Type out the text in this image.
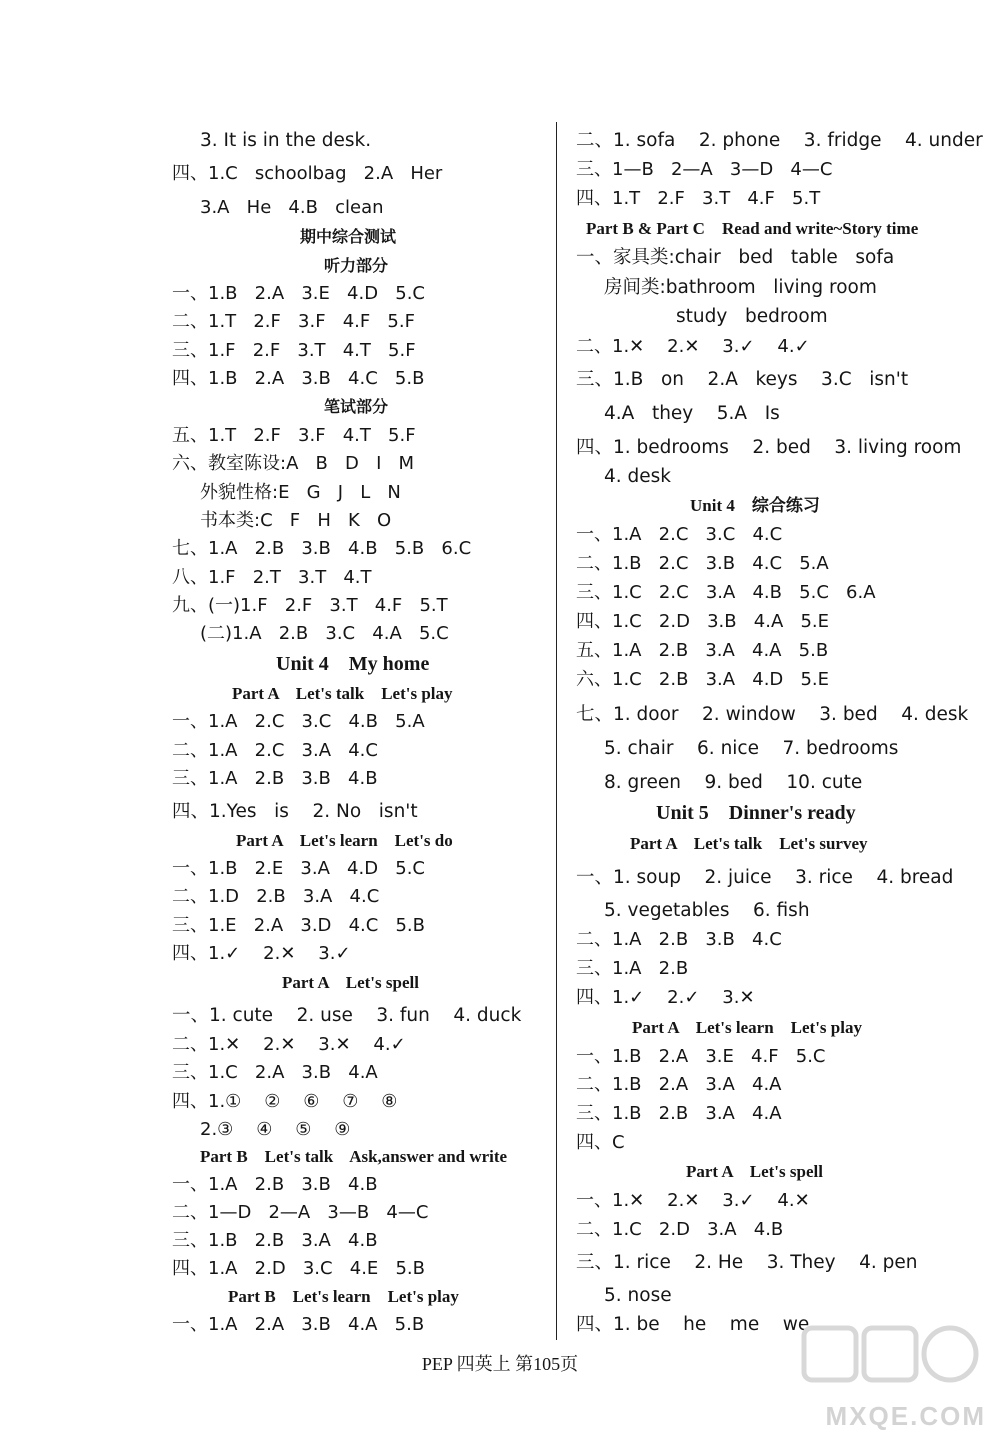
3. It is in the desk.
四、1.C   schoolbag   2.A   Her
3.A   He   4.B   clean
期中综合测试
听力部分
一、1.B   2.A   3.E   4.D   5.C
二、1.T   2.F   3.F   4.F   5.F
三、1.F   2.F   3.T   4.T   5.F
四、1.B   2.A   3.B   4.C   5.B
笔试部分
五、1.T   2.F   3.F   4.T   5.F
六、教室陈设:A   B   D   I   M
外貌性格:E   G   J   L   N
书本类:C   F   H   K   O
七、1.A   2.B   3.B   4.B   5.B   6.C
八、1.F   2.T   3.T   4.T
九、(一)1.F   2.F   3.T   4.F   5.T
(二)1.A   2.B   3.C   4.A   5.C
Unit 4    My home
Part A    Let's talk    Let's play
一、1.A   2.C   3.C   4.B   5.A
二、1.A   2.C   3.A   4.C
三、1.A   2.B   3.B   4.B
四、1.Yes   is    2. No   isn't
Part A    Let's learn    Let's do
一、1.B   2.E   3.A   4.D   5.C
二、1.D   2.B   3.A   4.C
三、1.E   2.A   3.D   4.C   5.B
四、1.✓    2.✕    3.✓
Part A    Let's spell
一、1. cute    2. use    3. fun    4. duck
二、1.✕    2.✕    3.✕    4.✓
三、1.C   2.A   3.B   4.A
四、1.①    ②    ⑥    ⑦    ⑧
2.③    ④    ⑤    ⑨
Part B    Let's talk    Ask,answer and write
一、1.A   2.B   3.B   4.B
二、1—D   2—A   3—B   4—C
三、1.B   2.B   3.A   4.B
四、1.A   2.D   3.C   4.E   5.B
Part B    Let's learn    Let's play
一、1.A   2.A   3.B   4.A   5.B
二、1. sofa    2. phone    3. fridge    4. under
三、1—B   2—A   3—D   4—C
四、1.T   2.F   3.T   4.F   5.T
Part B & Part C    Read and write~Story time
一、家具类:chair   bed   table   sofa
房间类:bathroom   living room
study   bedroom
二、1.✕    2.✕    3.✓    4.✓
三、1.B   on    2.A   keys    3.C   isn't
4.A   they    5.A   Is
四、1. bedrooms    2. bed    3. living room
4. desk
Unit 4    综合练习
一、1.A   2.C   3.C   4.C
二、1.B   2.C   3.B   4.C   5.A
三、1.C   2.C   3.A   4.B   5.C   6.A
四、1.C   2.D   3.B   4.A   5.E
五、1.A   2.B   3.A   4.A   5.B
六、1.C   2.B   3.A   4.D   5.E
七、1. door    2. window    3. bed    4. desk
5. chair    6. nice    7. bedrooms
8. green    9. bed    10. cute
Unit 5    Dinner's ready
Part A    Let's talk    Let's survey
一、1. soup    2. juice    3. rice    4. bread
5. vegetables    6. fish
二、1.A   2.B   3.B   4.C
三、1.A   2.B
四、1.✓    2.✓    3.✕
Part A    Let's learn    Let's play
一、1.B   2.A   3.E   4.F   5.C
二、1.B   2.A   3.A   4.A
三、1.B   2.B   3.A   4.A
四、C
Part A    Let's spell
一、1.✕    2.✕    3.✓    4.✕
二、1.C   2.D   3.A   4.B
三、1. rice    2. He    3. They    4. pen
5. nose
四、1. be    he    me    we
PEP 四英上 第105页
MXQE.COM
